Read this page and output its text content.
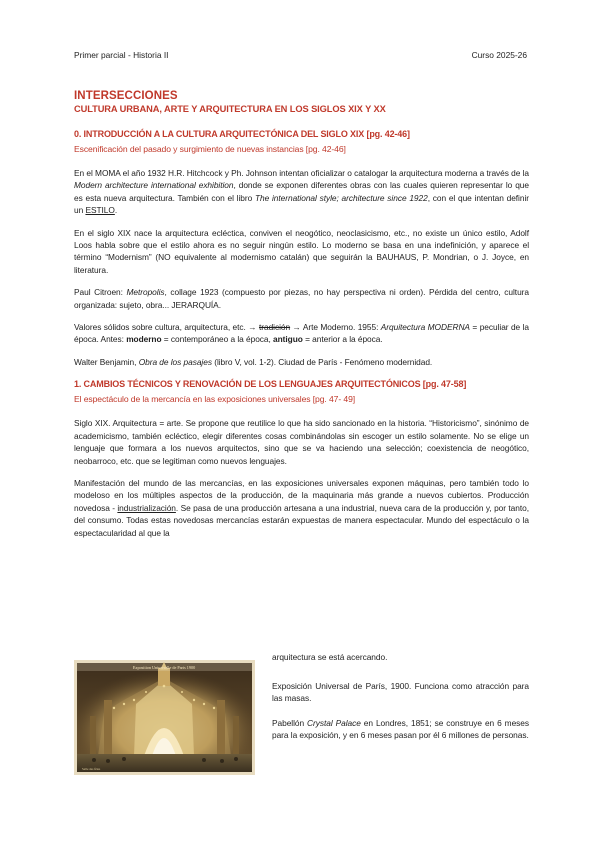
Primer parcial - Historia II	Curso 2025-26

INTERSECCIONES

CULTURA URBANA, ARTE Y ARQUITECTURA EN LOS SIGLOS XIX Y XX

0. INTRODUCCIÓN A LA CULTURA ARQUITECTÓNICA DEL SIGLO XIX [pg. 42-46]

Escenificación del pasado y surgimiento de nuevas instancias [pg. 42-46]

En el MOMA el año 1932 H.R. Hitchcock y Ph. Johnson intentan oficializar o catalogar la arquitectura moderna a través de la Modern architecture international exhibition, donde se exponen diferentes obras con las cuales quieren representar lo que es esta nueva arquitectura. También con el libro The international style; architecture since 1922, con el que intentan definir un ESTILO.

En el siglo XIX nace la arquitectura ecléctica, conviven el neogótico, neoclasicismo, etc., no existe un único estilo, Adolf Loos habla sobre que el estilo ahora es no seguir ningún estilo. Lo moderno se basa en una indefinición, y aparece el término “Modernism” (NO equivalente al modernismo catalán) que seguirán la BAUHAUS, P. Mondrian, o J. Joyce, en literatura.

Paul Citroen: Metropolis, collage 1923 (compuesto por piezas, no hay perspectiva ni orden). Pérdida del centro, cultura organizada: sujeto, obra... JERARQUÍA.

Valores sólidos sobre cultura, arquitectura, etc. → tradición → Arte Moderno. 1955: Arquitectura MODERNA = peculiar de la época. Antes: moderno = contemporáneo a la época, antiguo = anterior a la época.

Walter Benjamin, Obra de los pasajes (libro V, vol. 1-2). Ciudad de París - Fenómeno modernidad.

1. CAMBIOS TÉCNICOS Y RENOVACIÓN DE LOS LENGUAJES ARQUITECTÓNICOS [pg. 47-58]

El espectáculo de la mercancía en las exposiciones universales [pg. 47- 49]

Siglo XIX. Arquitectura = arte. Se propone que reutilice lo que ha sido sancionado en la historia. “Historicismo”, sinónimo de academicismo, también ecléctico, elegir diferentes cosas combinándolas sin escoger un estilo solamente. No se elige un lenguaje que formara a los nuevos arquitectos, sino que se va haciendo una selección; coexistencia de neogótico, neobarroco, etc. que se legitiman como nuevos lenguajes.

Manifestación del mundo de las mercancías, en las exposiciones universales exponen máquinas, pero también todo lo modeloso en los múltiples aspectos de la producción, de la maquinaria más grande a nuevos cubiertos. Producción novedosa - industrialización. Se pasa de una producción artesana a una industrial, nueva cara de la producción y, por tanto, del consumo. Todas estas novedosas mercancías estarán expuestas de manera espectacular. Mundo del espectáculo o la espectacularidad al que la

Exposition Universelle de Paris 1900
Salle des fêtes

arquitectura se está acercando.

Exposición Universal de París, 1900. Funciona como atracción para las masas.

Pabellón Crystal Palace en Londres, 1851; se construye en 6 meses para la exposición, y en 6 meses pasan por él 6 millones de personas.
